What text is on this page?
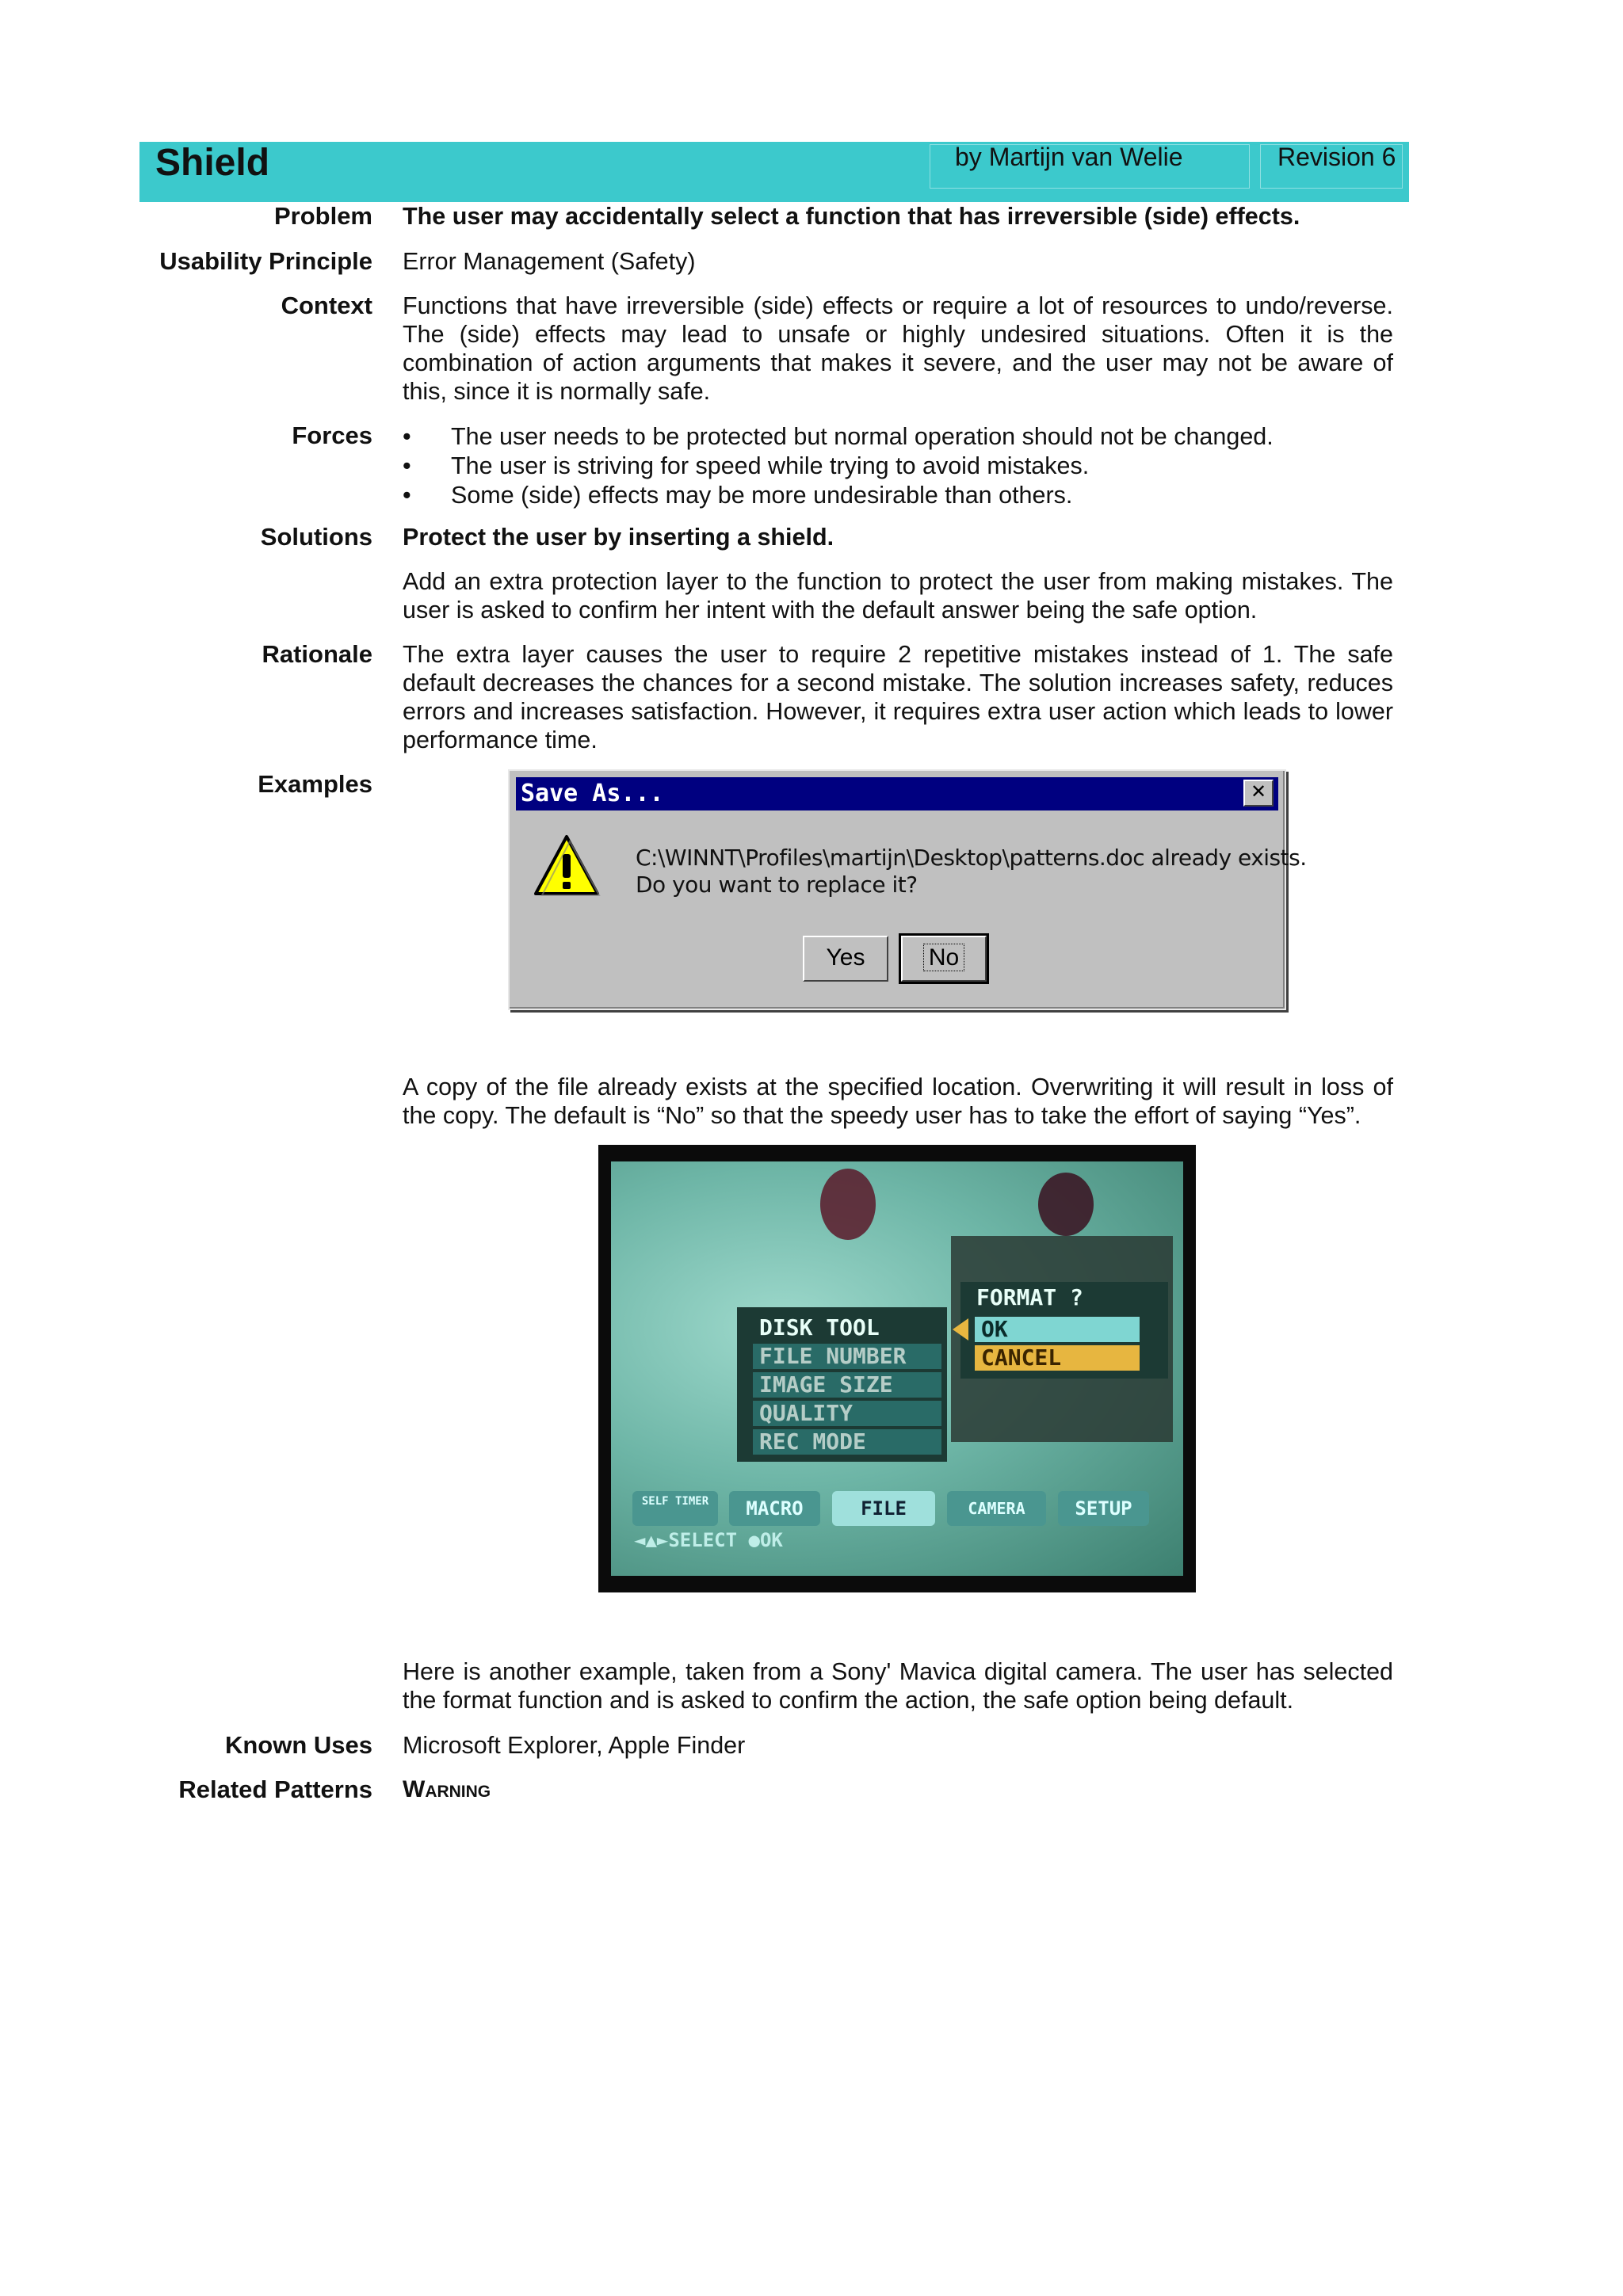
Shield	by Martijn van Welie	Revision 6
Problem The user may accidentally select a function that has irreversible (side) effects.
Usability Principle Error Management (Safety)
Context Functions that have irreversible (side) effects or require a lot of resources to undo/reverse. The (side) effects may lead to unsafe or highly undesired situations. Often it is the combination of action arguments that makes it severe, and the user may not be aware of this, since it is normally safe.
Forces • The user needs to be protected but normal operation should not be changed.
• The user is striving for speed while trying to avoid mistakes.
• Some (side) effects may be more undesirable than others.
Solutions Protect the user by inserting a shield.
Add an extra protection layer to the function to protect the user from making mistakes. The user is asked to confirm her intent with the default answer being the safe option.
Rationale The extra layer causes the user to require 2 repetitive mistakes instead of 1. The safe default decreases the chances for a second mistake. The solution increases safety, reduces errors and increases satisfaction. However, it requires extra user action which leads to lower performance time.
Examples	Save As...	✕
C:\WINNT\Profiles\martijn\Desktop\patterns.doc already exists.
Do you want to replace it?
Yes	No
A copy of the file already exists at the specified location. Overwriting it will result in loss of the copy. The default is “No” so that the speedy user has to take the effort of saying “Yes”.
FORMAT ?
OK
CANCEL
DISK TOOL
FILE NUMBER
IMAGE SIZE
QUALITY
REC MODE
SELF TIMER	MACRO	FILE	CAMERA	SETUP
◄▲►SELECT ●OK
Here is another example, taken from a Sony' Mavica digital camera. The user has selected the format function and is asked to confirm the action, the safe option being default.
Known Uses Microsoft Explorer, Apple Finder
Related Patterns Warning
